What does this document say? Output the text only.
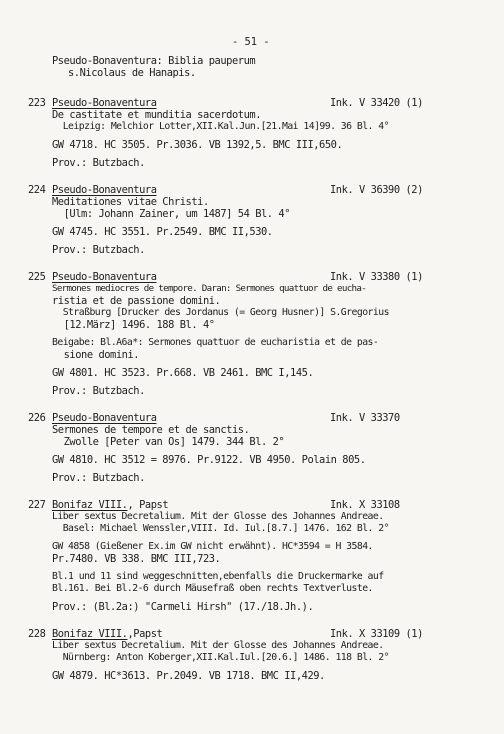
- 51 -
Pseudo-Bonaventura: Biblia pauperum
s.Nicolaus de Hanapis.
223 Pseudo-Bonaventura	Ink. V 33420 (1)
De castitate et munditia sacerdotum.
Leipzig: Melchior Lotter,XII.Kal.Jun.[21.Mai 14]99. 36 Bl. 4°
GW 4718. HC 3505. Pr.3036. VB 1392,5. BMC III,650.
Prov.: Butzbach.
224 Pseudo-Bonaventura	Ink. V 36390 (2)
Meditationes vitae Christi.
[Ulm: Johann Zainer, um 1487] 54 Bl. 4°
GW 4745. HC 3551. Pr.2549. BMC II,530.
Prov.: Butzbach.
225 Pseudo-Bonaventura	Ink. V 33380 (1)
Sermones mediocres de tempore. Daran: Sermones quattuor de eucha-
ristia et de passione domini.
Straßburg [Drucker des Jordanus (= Georg Husner)] S.Gregorius
[12.März] 1496. 188 Bl. 4°
Beigabe: Bl.A6a*: Sermones quattuor de eucharistia et de pas-
sione domini.
GW 4801. HC 3523. Pr.668. VB 2461. BMC I,145.
Prov.: Butzbach.
226 Pseudo-Bonaventura	Ink. V 33370
Sermones de tempore et de sanctis.
Zwolle [Peter van Os] 1479. 344 Bl. 2°
GW 4810. HC 3512 = 8976. Pr.9122. VB 4950. Polain 805.
Prov.: Butzbach.
227 Bonifaz VIII., Papst	Ink. X 33108
Liber sextus Decretalium. Mit der Glosse des Johannes Andreae.
Basel: Michael Wenssler,VIII. Id. Iul.[8.7.] 1476. 162 Bl. 2°
GW 4858 (Gießener Ex.im GW nicht erwähnt). HC*3594 = H 3584.
Pr.7480. VB 338. BMC III,723.
Bl.1 und 11 sind weggeschnitten,ebenfalls die Druckermarke auf
Bl.161. Bei Bl.2-6 durch Mäusefraß oben rechts Textverluste.
Prov.: (Bl.2a:) "Carmeli Hirsh" (17./18.Jh.).
228 Bonifaz VIII.,Papst	Ink. X 33109 (1)
Liber sextus Decretalium. Mit der Glosse des Johannes Andreae.
Nürnberg: Anton Koberger,XII.Kal.Iul.[20.6.] 1486. 118 Bl. 2°
GW 4879. HC*3613. Pr.2049. VB 1718. BMC II,429.
